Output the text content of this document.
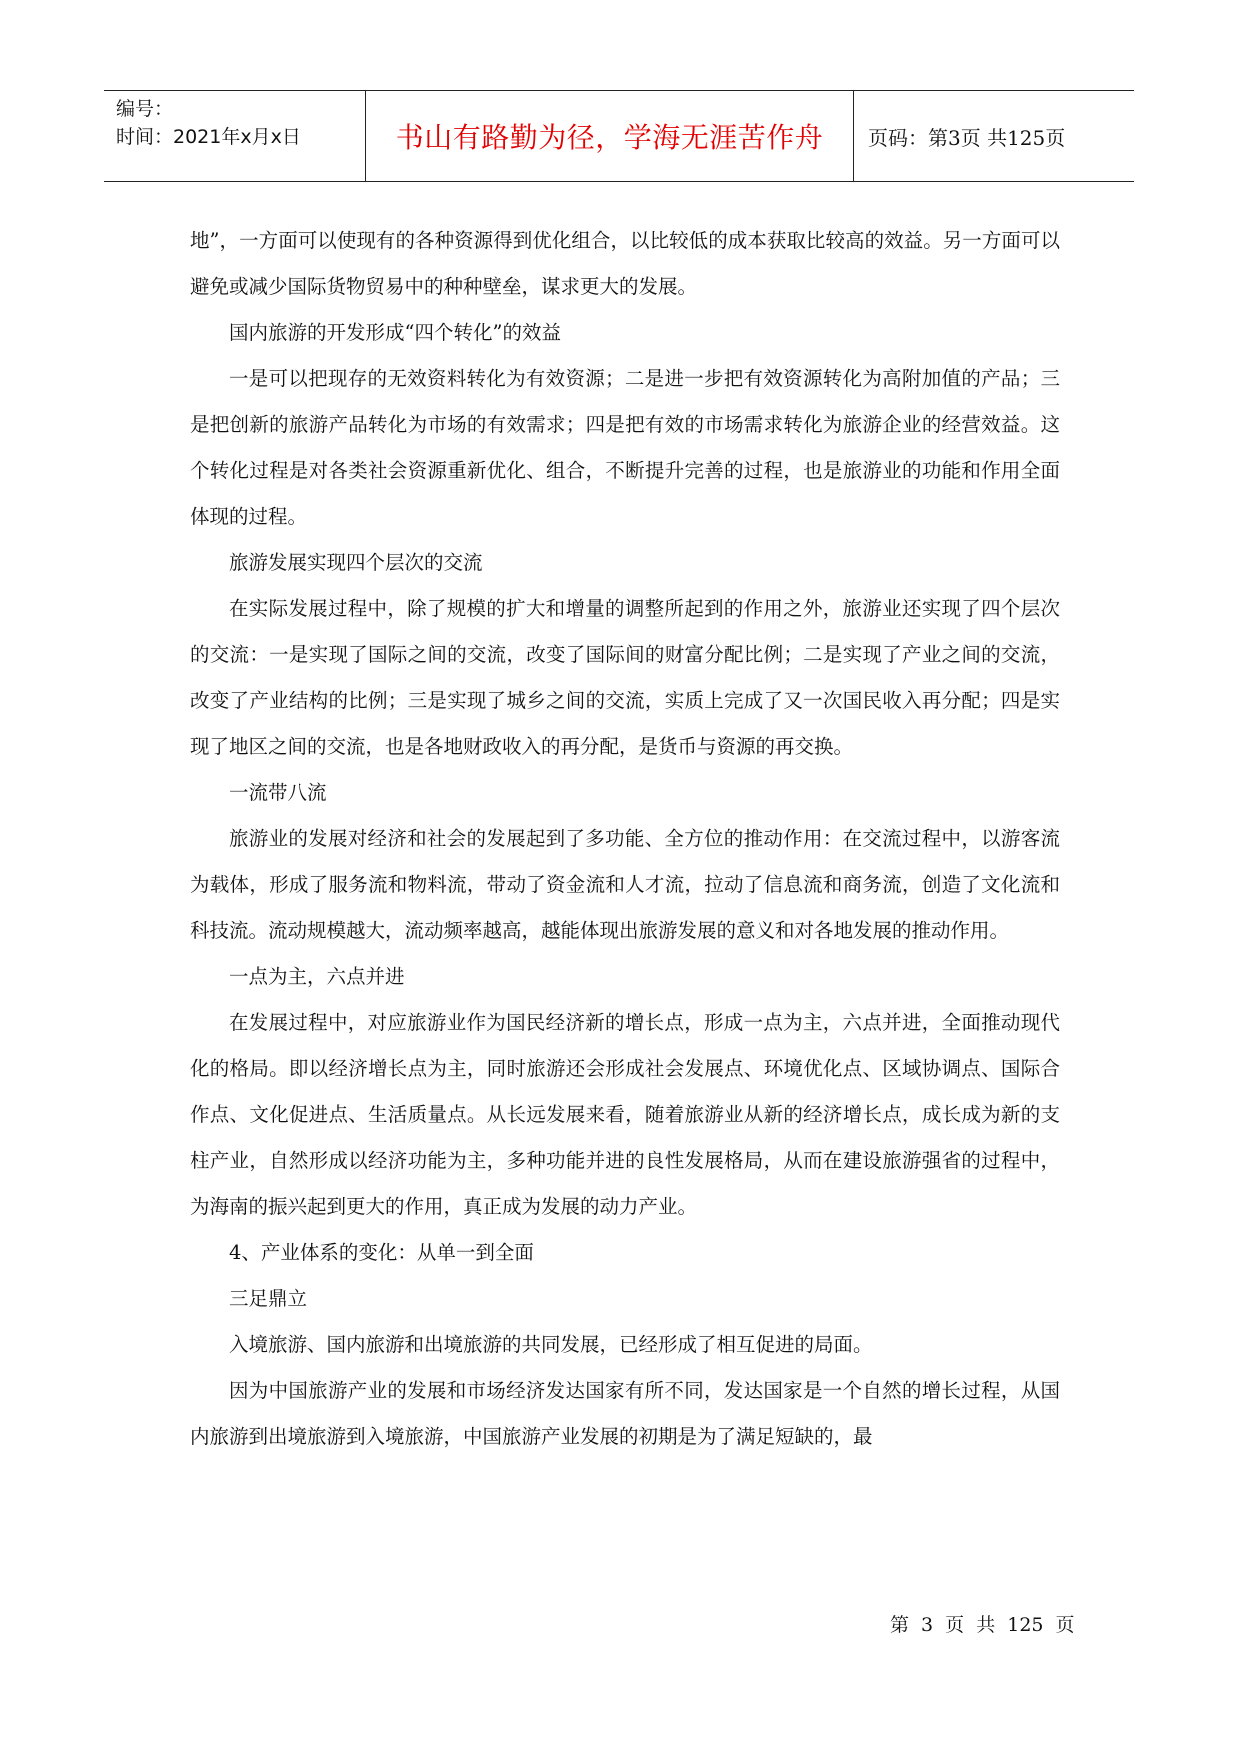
编号：
时间：2021年x月x日	书山有路勤为径，学海无涯苦作舟	页码：第3页 共125页

地”，一方面可以使现有的各种资源得到优化组合，以比较低的成本获取比较高的效益。另一方面可以避免或减少国际货物贸易中的种种壁垒，谋求更大的发展。

国内旅游的开发形成“四个转化”的效益

一是可以把现存的无效资料转化为有效资源；二是进一步把有效资源转化为高附加值的产品；三是把创新的旅游产品转化为市场的有效需求；四是把有效的市场需求转化为旅游企业的经营效益。这个转化过程是对各类社会资源重新优化、组合，不断提升完善的过程，也是旅游业的功能和作用全面体现的过程。

旅游发展实现四个层次的交流

在实际发展过程中，除了规模的扩大和增量的调整所起到的作用之外，旅游业还实现了四个层次的交流：一是实现了国际之间的交流，改变了国际间的财富分配比例；二是实现了产业之间的交流，改变了产业结构的比例；三是实现了城乡之间的交流，实质上完成了又一次国民收入再分配；四是实现了地区之间的交流，也是各地财政收入的再分配，是货币与资源的再交换。

一流带八流

旅游业的发展对经济和社会的发展起到了多功能、全方位的推动作用：在交流过程中，以游客流为载体，形成了服务流和物料流，带动了资金流和人才流，拉动了信息流和商务流，创造了文化流和科技流。流动规模越大，流动频率越高，越能体现出旅游发展的意义和对各地发展的推动作用。

一点为主，六点并进

在发展过程中，对应旅游业作为国民经济新的增长点，形成一点为主，六点并进，全面推动现代化的格局。即以经济增长点为主，同时旅游还会形成社会发展点、环境优化点、区域协调点、国际合作点、文化促进点、生活质量点。从长远发展来看，随着旅游业从新的经济增长点，成长成为新的支柱产业，自然形成以经济功能为主，多种功能并进的良性发展格局，从而在建设旅游强省的过程中，为海南的振兴起到更大的作用，真正成为发展的动力产业。

4、产业体系的变化：从单一到全面

三足鼎立

入境旅游、国内旅游和出境旅游的共同发展，已经形成了相互促进的局面。

因为中国旅游产业的发展和市场经济发达国家有所不同，发达国家是一个自然的增长过程，从国内旅游到出境旅游到入境旅游，中国旅游产业发展的初期是为了满足短缺的，最

第 3 页 共 125 页
